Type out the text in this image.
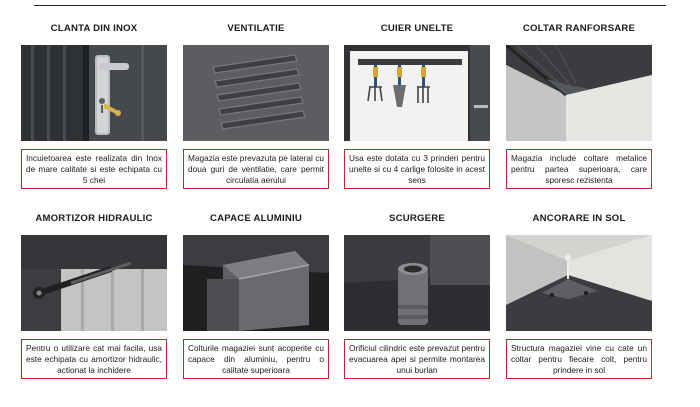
CLANTA DIN INOX
Incuietoarea este realizata din Inox de mare calitate si este echipata cu 5 chei
VENTILATIE
Magazia este prevazuta pe lateral cu doua guri de ventilatie, care permit circulatia aerului
CUIER UNELTE
Usa este dotata cu 3 prinderi pentru unelte si cu 4 carlige folosite in acest sens
COLTAR RANFORSARE
Magazia include coltare metalice pentru partea superioara, care sporesc rezistenta
AMORTIZOR HIDRAULIC
Pentru o utilizare cat mai facila, usa este echipata cu amortizor hidraulic, actionat la inchidere
CAPACE ALUMINIU
Colturile magaziei sunt acoperite cu capace din aluminiu, pentru o calitate superioara
SCURGERE
Orificiul cilindric este prevazut pentru evacuarea apei si permite montarea unui burlan
ANCORARE IN SOL
Structura magaziei vine cu cate un coltar pentru fiecare colt, pentru prindere in sol
